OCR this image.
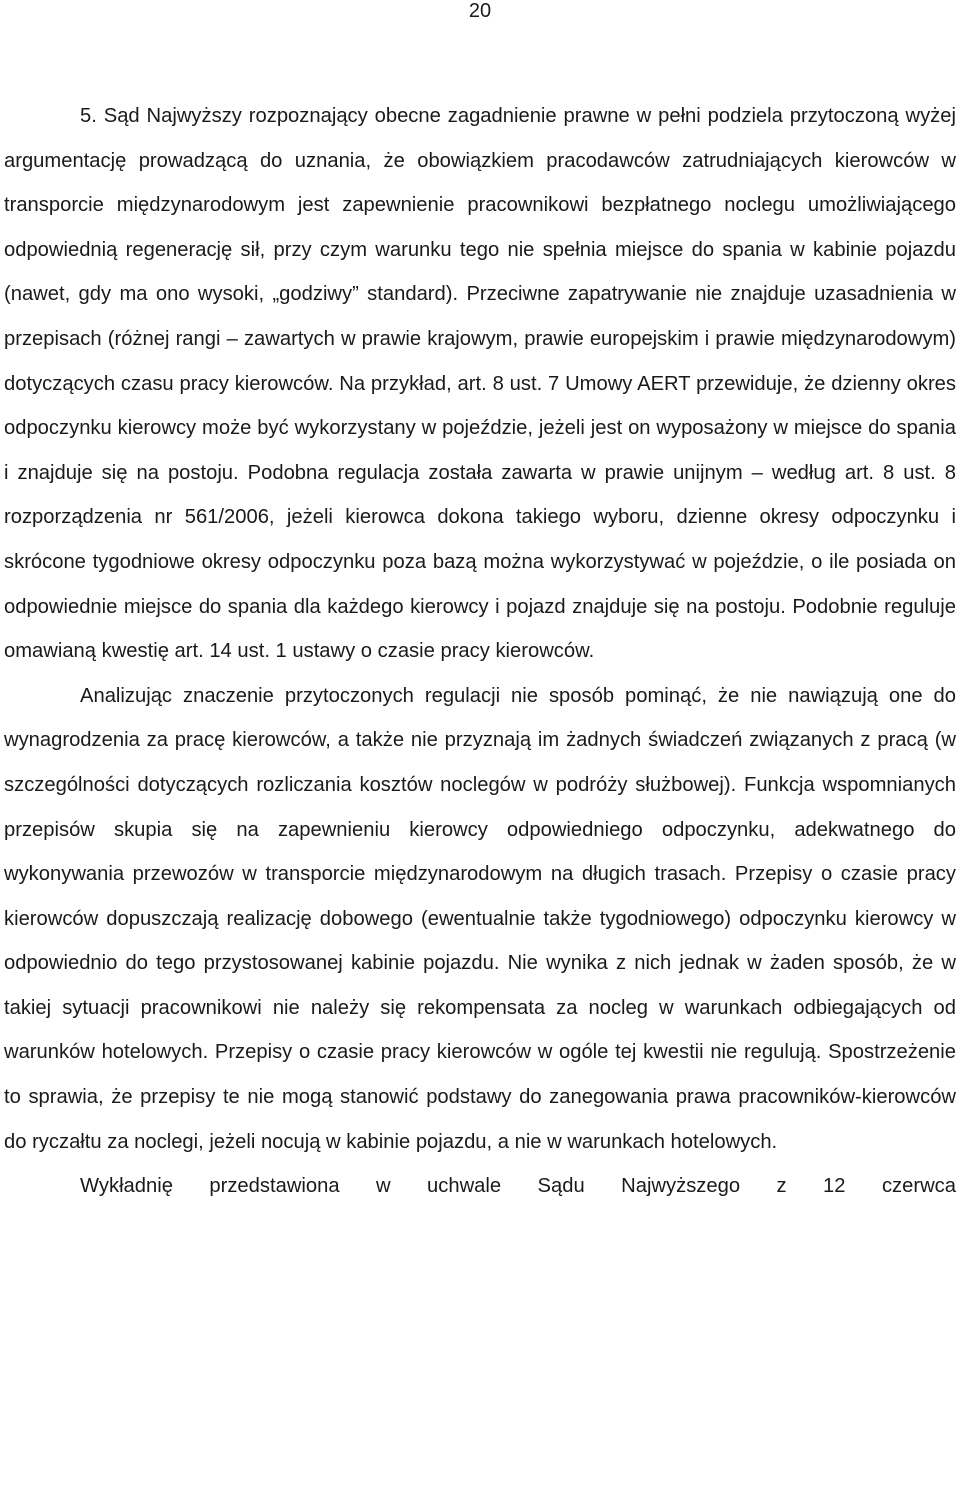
20

5. Sąd Najwyższy rozpoznający obecne zagadnienie prawne w pełni podziela przytoczoną wyżej argumentację prowadzącą do uznania, że obowiązkiem pracodawców zatrudniających kierowców w transporcie międzynarodowym jest zapewnienie pracownikowi bezpłatnego noclegu umożliwiającego odpowiednią regenerację sił, przy czym warunku tego nie spełnia miejsce do spania w kabinie pojazdu (nawet, gdy ma ono wysoki, „godziwy” standard). Przeciwne zapatrywanie nie znajduje uzasadnienia w przepisach (różnej rangi – zawartych w prawie krajowym, prawie europejskim i prawie międzynarodowym) dotyczących czasu pracy kierowców. Na przykład, art. 8 ust. 7 Umowy AERT przewiduje, że dzienny okres odpoczynku kierowcy może być wykorzystany w pojeździe, jeżeli jest on wyposażony w miejsce do spania i znajduje się na postoju. Podobna regulacja została zawarta w prawie unijnym – według art. 8 ust. 8 rozporządzenia nr 561/2006, jeżeli kierowca dokona takiego wyboru, dzienne okresy odpoczynku i skrócone tygodniowe okresy odpoczynku poza bazą można wykorzystywać w pojeździe, o ile posiada on odpowiednie miejsce do spania dla każdego kierowcy i pojazd znajduje się na postoju. Podobnie reguluje omawianą kwestię art. 14 ust. 1 ustawy o czasie pracy kierowców.

Analizując znaczenie przytoczonych regulacji nie sposób pominąć, że nie nawiązują one do wynagrodzenia za pracę kierowców, a także nie przyznają im żadnych świadczeń związanych z pracą (w szczególności dotyczących rozliczania kosztów noclegów w podróży służbowej). Funkcja wspomnianych przepisów skupia się na zapewnieniu kierowcy odpowiedniego odpoczynku, adekwatnego do wykonywania przewozów w transporcie międzynarodowym na długich trasach. Przepisy o czasie pracy kierowców dopuszczają realizację dobowego (ewentualnie także tygodniowego) odpoczynku kierowcy w odpowiednio do tego przystosowanej kabinie pojazdu. Nie wynika z nich jednak w żaden sposób, że w takiej sytuacji pracownikowi nie należy się rekompensata za nocleg w warunkach odbiegających od warunków hotelowych. Przepisy o czasie pracy kierowców w ogóle tej kwestii nie regulują. Spostrzeżenie to sprawia, że przepisy te nie mogą stanowić podstawy do zanegowania prawa pracowników-kierowców do ryczałtu za noclegi, jeżeli nocują w kabinie pojazdu, a nie w warunkach hotelowych.

Wykładnię przedstawiona w uchwale Sądu Najwyższego z 12 czerwca
